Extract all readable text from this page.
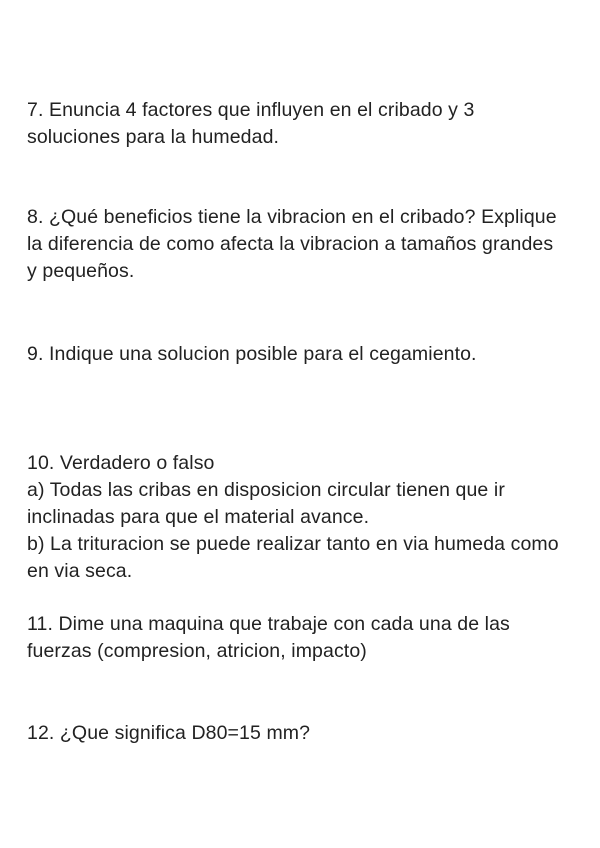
7. Enuncia 4 factores que influyen en el cribado y 3
soluciones para la humedad.
8. ¿Qué beneficios tiene la vibracion en el cribado? Explique
la diferencia de como afecta la vibracion a tamaños grandes
y pequeños.
9. Indique una solucion posible para el cegamiento.
10. Verdadero o falso
a) Todas las cribas en disposicion circular tienen que ir
inclinadas para que el material avance.
b) La trituracion se puede realizar tanto en via humeda como
en via seca.
11. Dime una maquina que trabaje con cada una de las
fuerzas (compresion, atricion, impacto)
12. ¿Que significa D80=15 mm?
